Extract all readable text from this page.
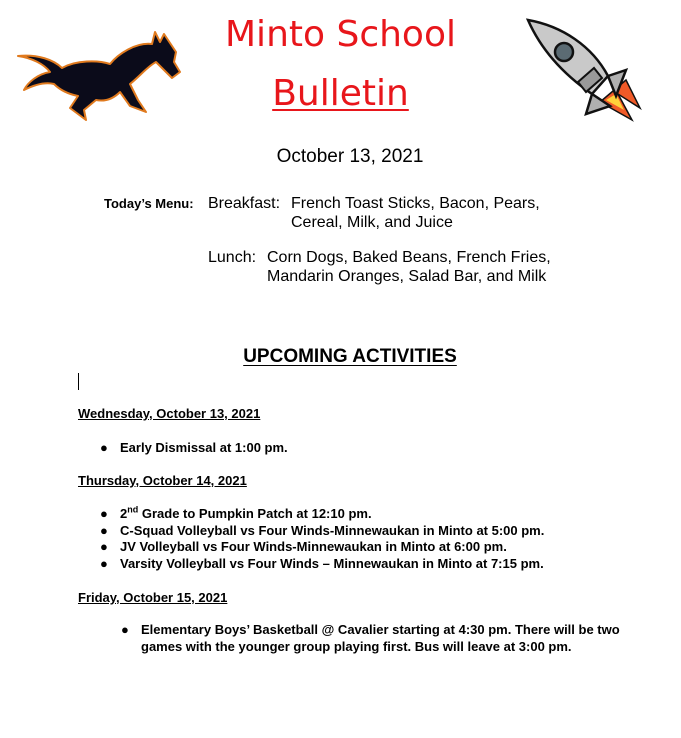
Minto School
Bulletin
October 13, 2021
Today’s Menu: Breakfast: French Toast Sticks, Bacon, Pears,
Cereal, Milk, and Juice
Lunch: Corn Dogs, Baked Beans, French Fries,
Mandarin Oranges, Salad Bar, and Milk
UPCOMING ACTIVITIES
Wednesday, October 13, 2021
● Early Dismissal at 1:00 pm.
Thursday, October 14, 2021
● 2nd Grade to Pumpkin Patch at 12:10 pm.
● C-Squad Volleyball vs Four Winds-Minnewaukan in Minto at 5:00 pm.
● JV Volleyball vs Four Winds-Minnewaukan in Minto at 6:00 pm.
● Varsity Volleyball vs Four Winds – Minnewaukan in Minto at 7:15 pm.
Friday, October 15, 2021
● Elementary Boys’ Basketball @ Cavalier starting at 4:30 pm. There will be two games with the younger group playing first. Bus will leave at 3:00 pm.
